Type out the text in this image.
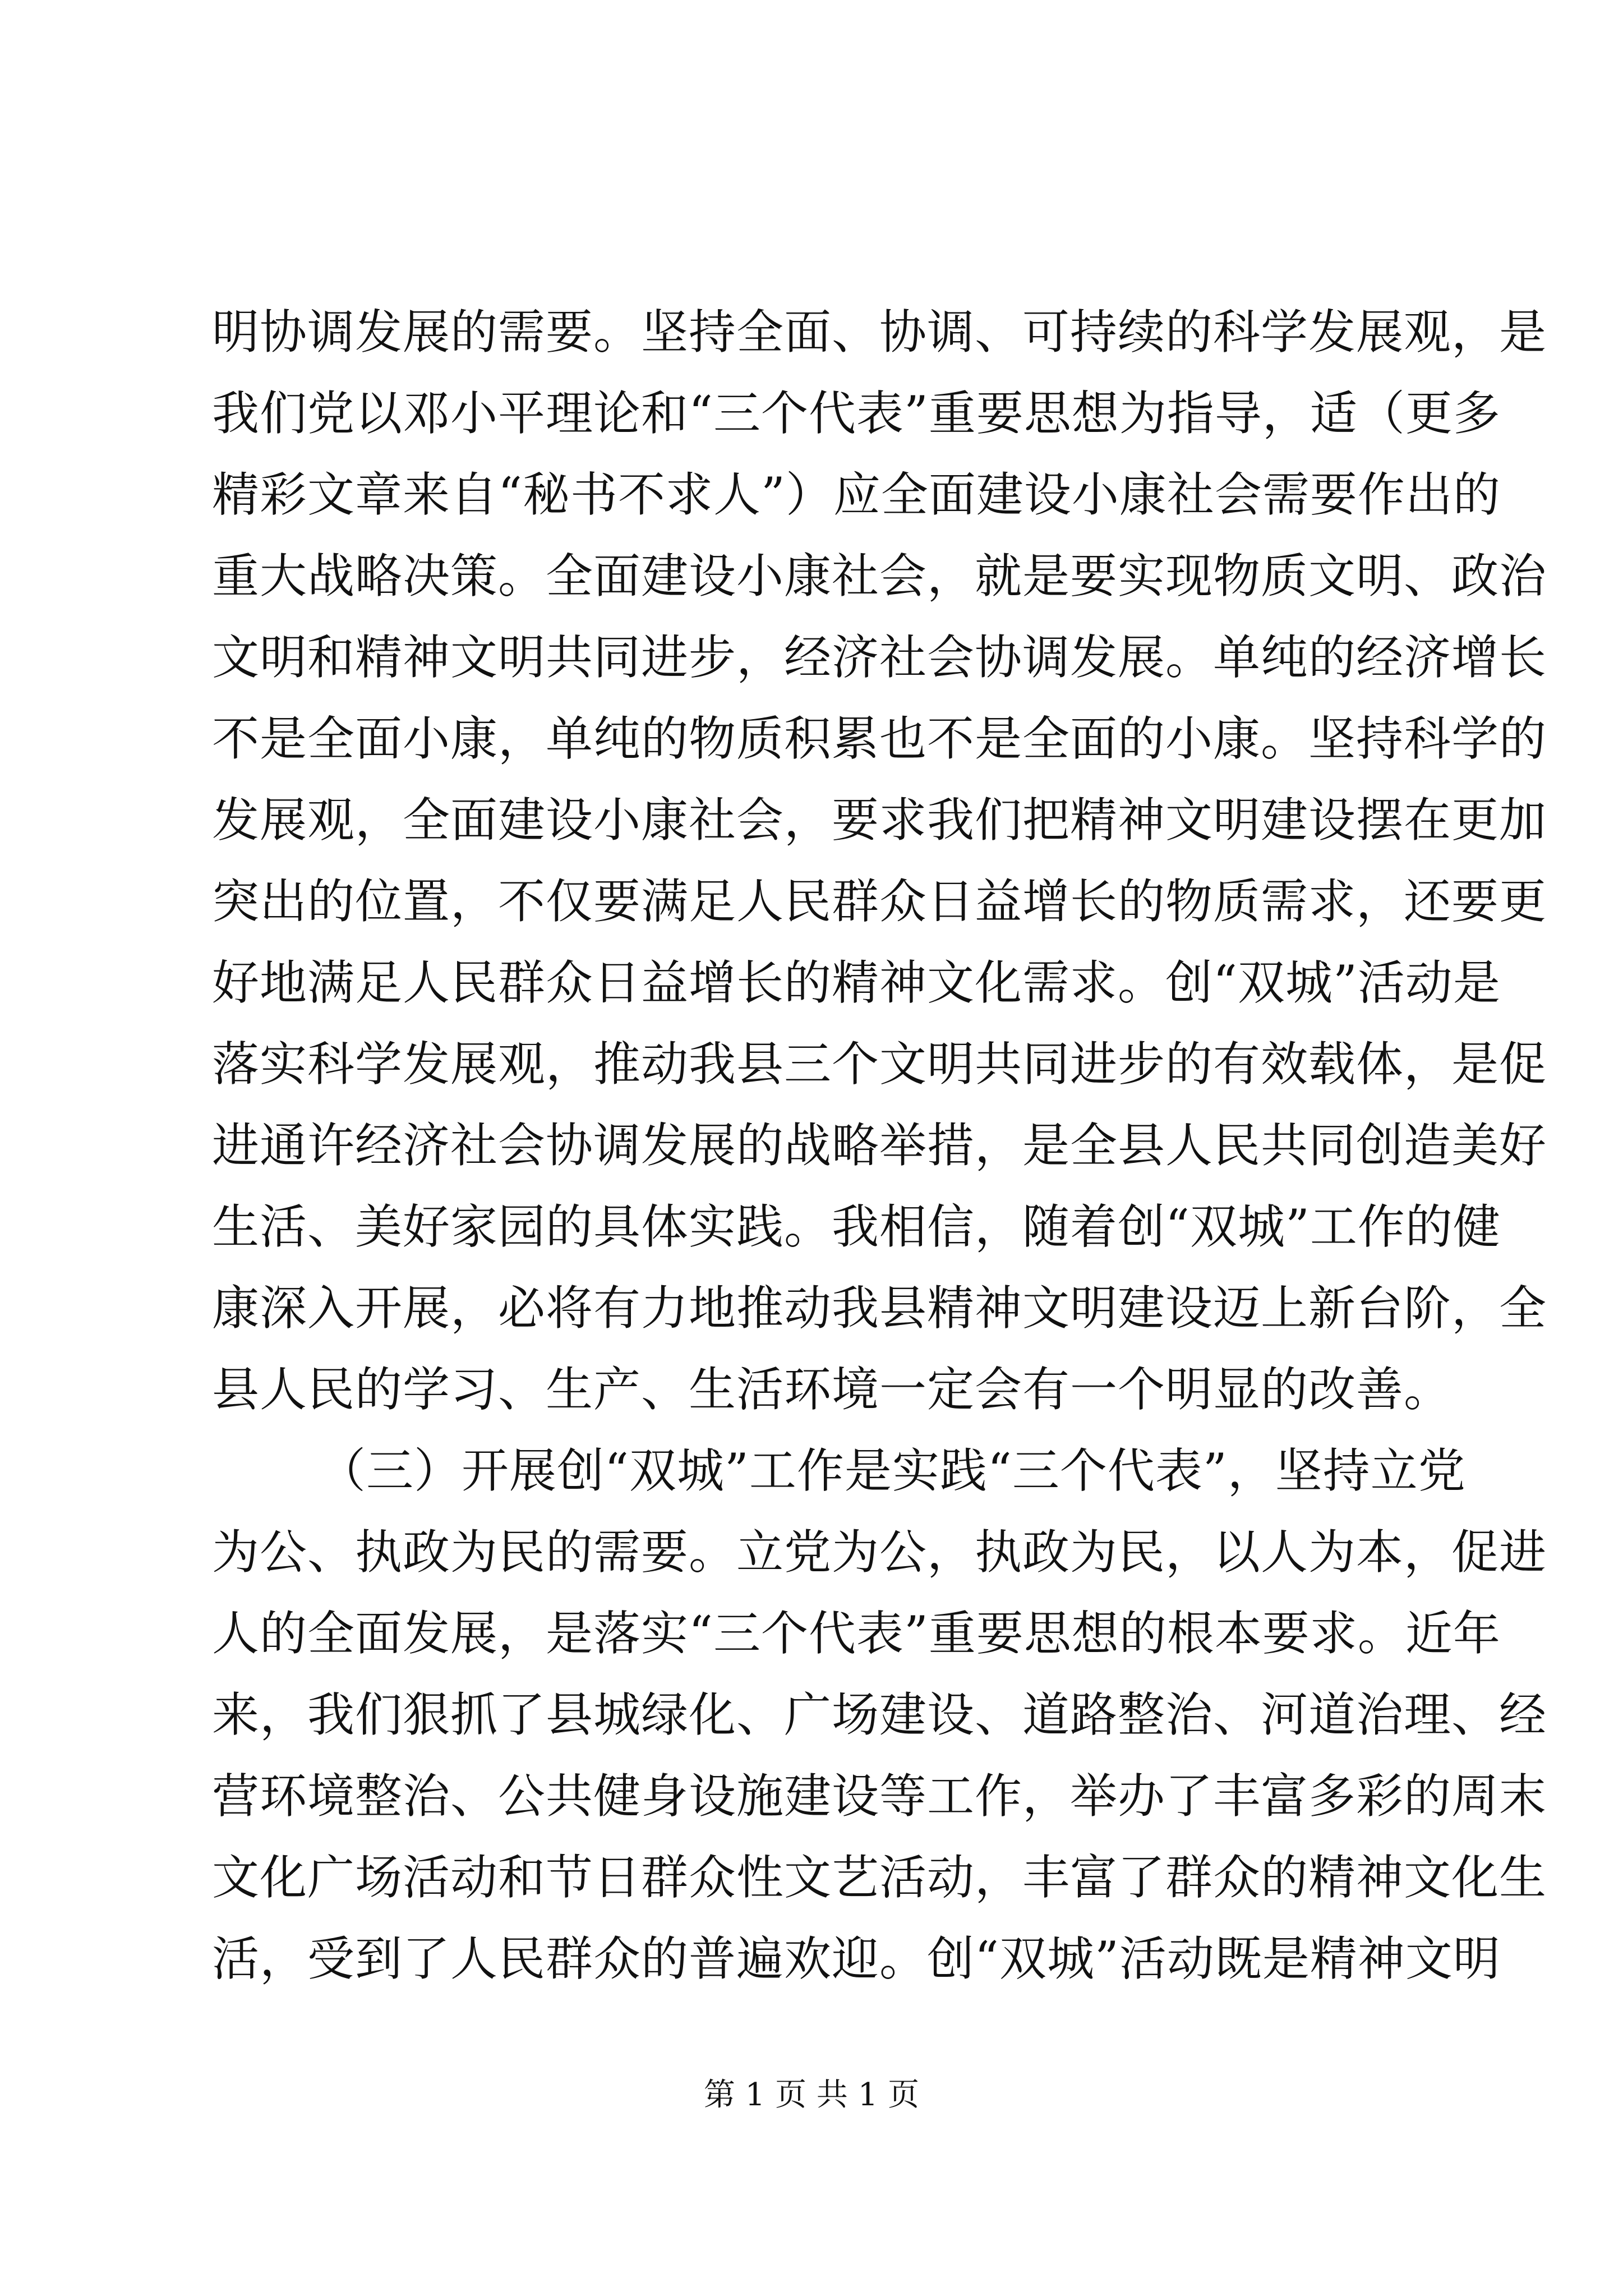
明协调发展的需要。坚持全面、协调、可持续的科学发展观，是
我们党以邓小平理论和“三个代表”重要思想为指导，适（更多
精彩文章来自“秘书不求人”）应全面建设小康社会需要作出的
重大战略决策。全面建设小康社会，就是要实现物质文明、政治
文明和精神文明共同进步，经济社会协调发展。单纯的经济增长
不是全面小康，单纯的物质积累也不是全面的小康。坚持科学的
发展观，全面建设小康社会，要求我们把精神文明建设摆在更加
突出的位置，不仅要满足人民群众日益增长的物质需求，还要更
好地满足人民群众日益增长的精神文化需求。创“双城”活动是
落实科学发展观，推动我县三个文明共同进步的有效载体，是促
进通许经济社会协调发展的战略举措，是全县人民共同创造美好
生活、美好家园的具体实践。我相信，随着创“双城”工作的健
康深入开展，必将有力地推动我县精神文明建设迈上新台阶，全
县人民的学习、生产、生活环境一定会有一个明显的改善。
（三）开展创“双城”工作是实践“三个代表”，坚持立党
为公、执政为民的需要。立党为公，执政为民，以人为本，促进
人的全面发展，是落实“三个代表”重要思想的根本要求。近年
来，我们狠抓了县城绿化、广场建设、道路整治、河道治理、经
营环境整治、公共健身设施建设等工作，举办了丰富多彩的周末
文化广场活动和节日群众性文艺活动，丰富了群众的精神文化生
活，受到了人民群众的普遍欢迎。创“双城”活动既是精神文明
第 1 页 共 1 页
